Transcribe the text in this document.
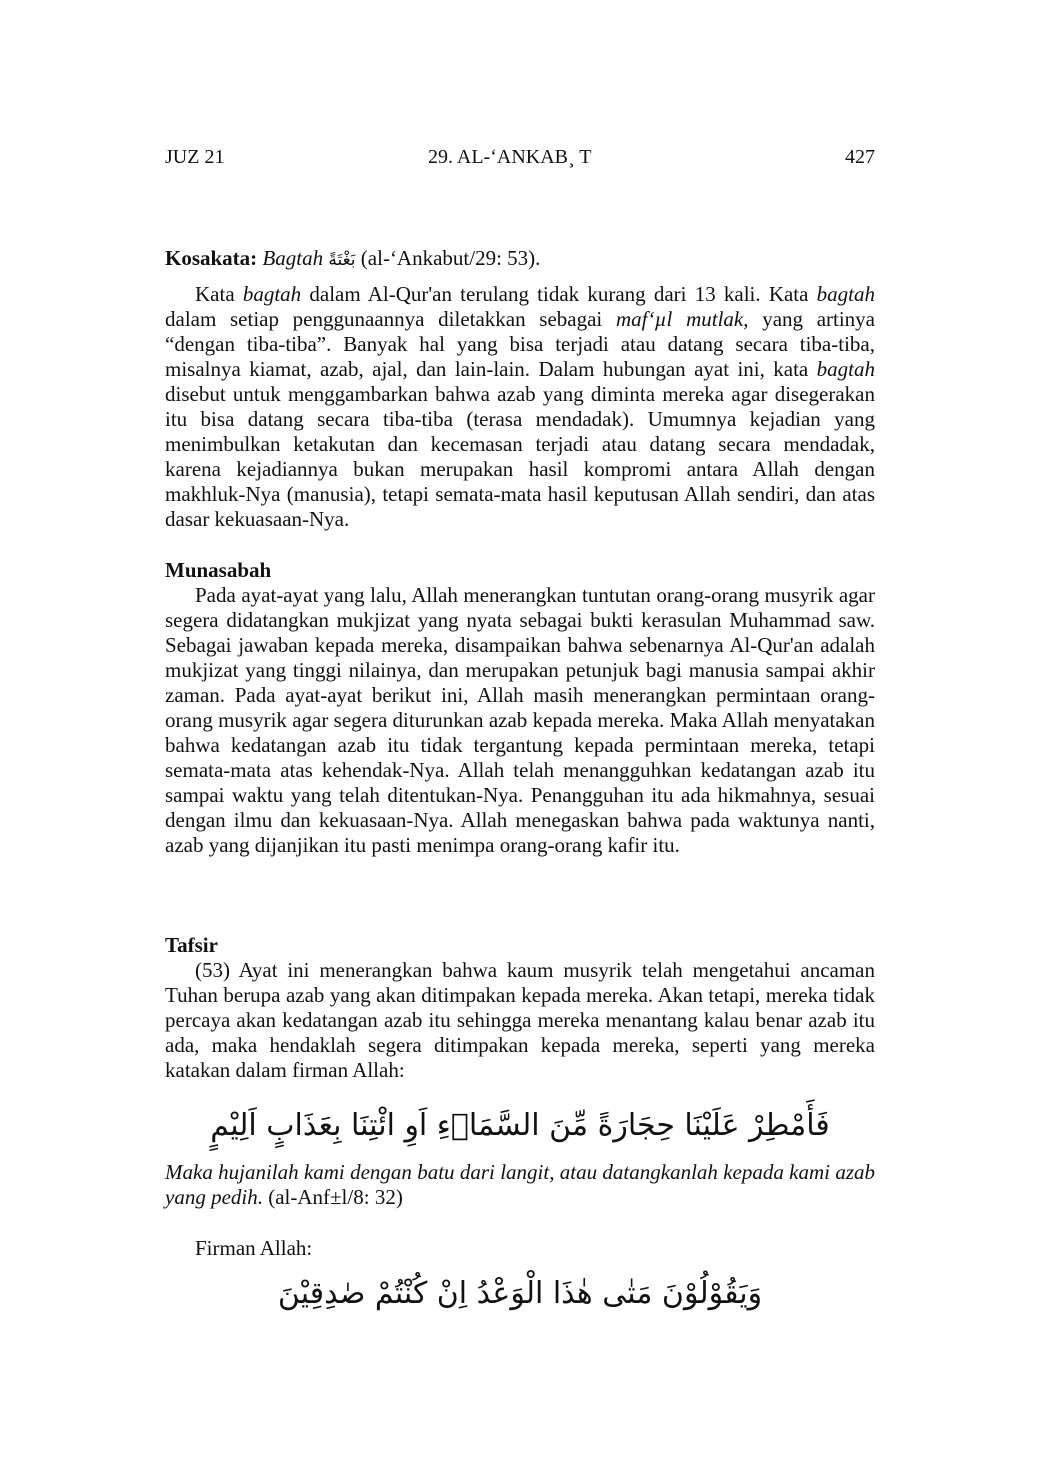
JUZ 21	29. AL-‘ANKAB¸ T	427
Kosakata: Bagtah بَغْتَةً (al-‘Ankabut/29: 53).
Kata bagtah dalam Al-Qur'an terulang tidak kurang dari 13 kali. Kata bagtah dalam setiap penggunaannya diletakkan sebagai maf‘µl mutlak, yang artinya “dengan tiba-tiba”. Banyak hal yang bisa terjadi atau datang secara tiba-tiba, misalnya kiamat, azab, ajal, dan lain-lain. Dalam hubungan ayat ini, kata bagtah disebut untuk menggambarkan bahwa azab yang diminta mereka agar disegerakan itu bisa datang secara tiba-tiba (terasa mendadak). Umumnya kejadian yang menimbulkan ketakutan dan kecemasan terjadi atau datang secara mendadak, karena kejadiannya bukan merupakan hasil kompromi antara Allah dengan makhluk-Nya (manusia), tetapi semata-mata hasil keputusan Allah sendiri, dan atas dasar kekuasaan-Nya.
Munasabah
Pada ayat-ayat yang lalu, Allah menerangkan tuntutan orang-orang musyrik agar segera didatangkan mukjizat yang nyata sebagai bukti kerasulan Muhammad saw. Sebagai jawaban kepada mereka, disampaikan bahwa sebenarnya Al-Qur'an adalah mukjizat yang tinggi nilainya, dan merupakan petunjuk bagi manusia sampai akhir zaman. Pada ayat-ayat berikut ini, Allah masih menerangkan permintaan orang-orang musyrik agar segera diturunkan azab kepada mereka. Maka Allah menyatakan bahwa kedatangan azab itu tidak tergantung kepada permintaan mereka, tetapi semata-mata atas kehendak-Nya. Allah telah menangguhkan kedatangan azab itu sampai waktu yang telah ditentukan-Nya. Penangguhan itu ada hikmahnya, sesuai dengan ilmu dan kekuasaan-Nya. Allah menegaskan bahwa pada waktunya nanti, azab yang dijanjikan itu pasti menimpa orang-orang kafir itu.
Tafsir
(53) Ayat ini menerangkan bahwa kaum musyrik telah mengetahui ancaman Tuhan berupa azab yang akan ditimpakan kepada mereka. Akan tetapi, mereka tidak percaya akan kedatangan azab itu sehingga mereka menantang kalau benar azab itu ada, maka hendaklah segera ditimpakan kepada mereka, seperti yang mereka katakan dalam firman Allah:
فَأَمْطِرْ عَلَيْنَا حِجَارَةً مِّنَ السَّمَاۤءِ اَوِ ائْتِنَا بِعَذَابٍ اَلِيْمٍ
Maka hujanilah kami dengan batu dari langit, atau datangkanlah kepada kami azab yang pedih. (al-Anf±l/8: 32)
Firman Allah:
وَيَقُوْلُوْنَ مَتٰى هٰذَا الْوَعْدُ اِنْ كُنْتُمْ صٰدِقِيْنَ
